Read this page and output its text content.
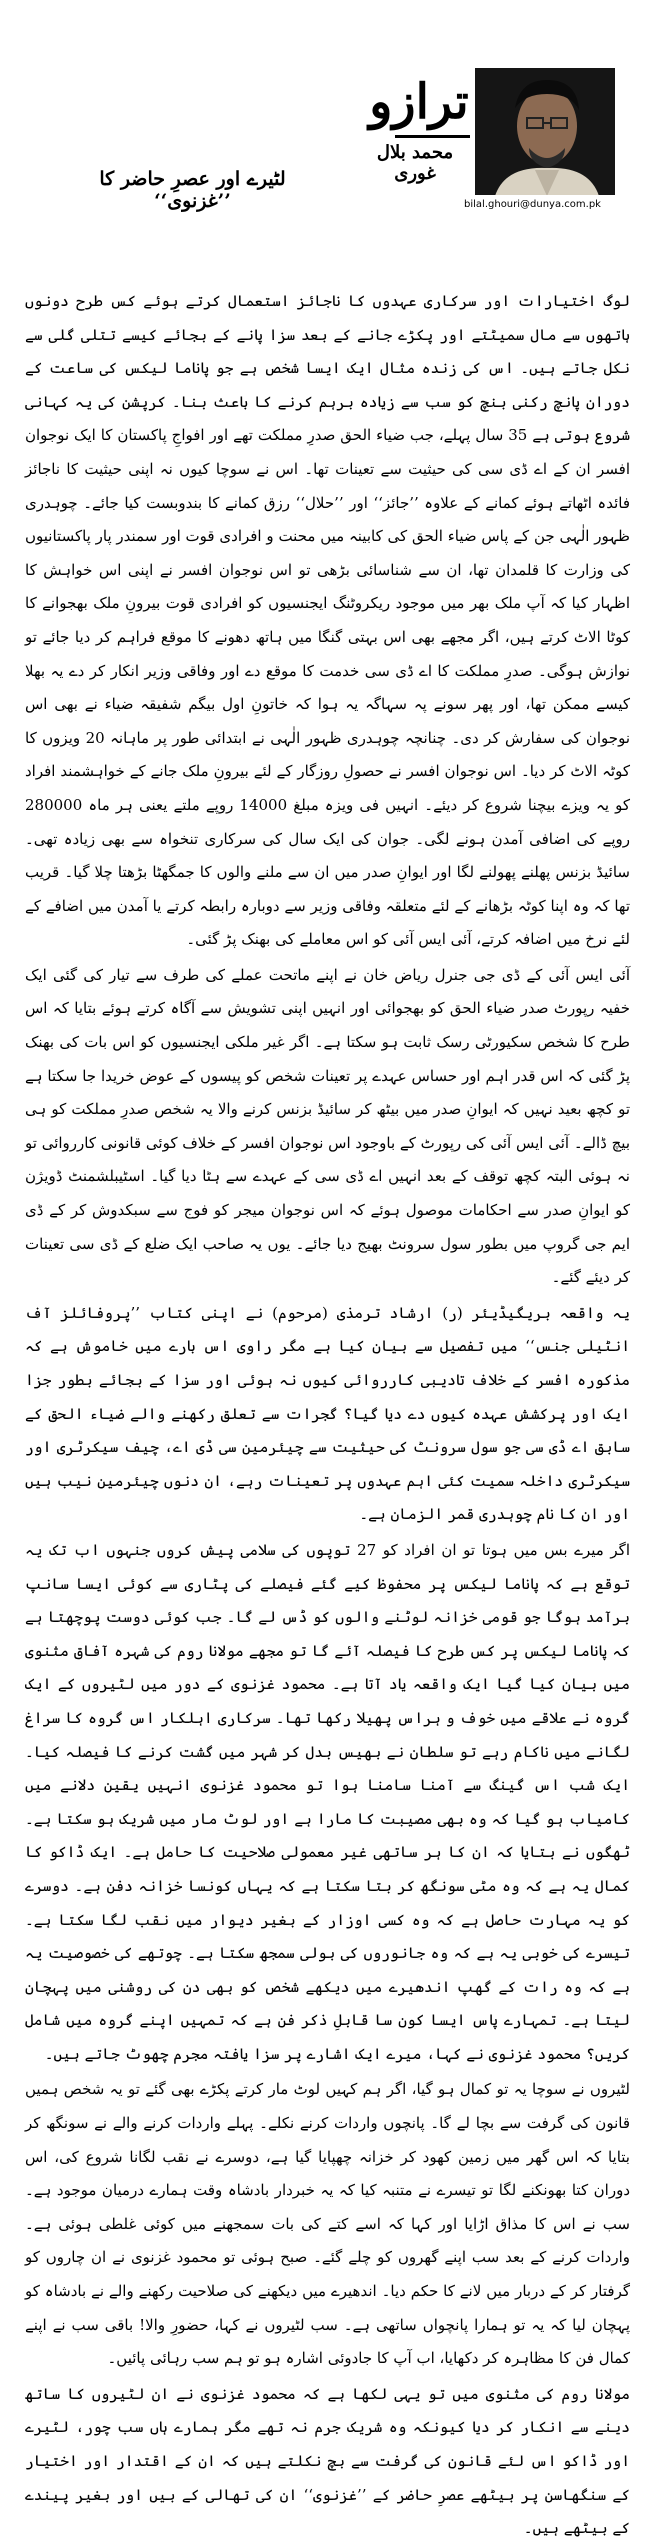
bilal.ghouri@dunya.com.pk
ترازو
محمد بلال غوری
لٹیرے اور عصرِ حاضر کا ’’غزنوی‘‘

لوگ اختیارات اور سرکاری عہدوں کا ناجائز استعمال کرتے ہوئے کس طرح دونوں ہاتھوں سے مال سمیٹتے اور پکڑے جانے کے بعد سزا پانے کے بجائے کیسے تتلی گلی سے نکل جاتے ہیں۔ اس کی زندہ مثال ایک ایسا شخص ہے جو پاناما لیکس کی ساعت کے دوران پانچ رکنی بنچ کو سب سے زیادہ برہم کرنے کا باعث بنا۔ کرپشن کی یہ کہانی شروع ہوتی ہے 35 سال پہلے، جب ضیاء الحق صدرِ مملکت تھے اور افواجِ پاکستان کا ایک نوجوان افسر ان کے اے ڈی سی کی حیثیت سے تعینات تھا۔ اس نے سوچا کیوں نہ اپنی حیثیت کا ناجائز فائدہ اٹھاتے ہوئے کمانے کے علاوہ ’’جائز‘‘ اور ’’حلال‘‘ رزق کمانے کا بندوبست کیا جائے۔ چوہدری ظہور الٰہی جن کے پاس ضیاء الحق کی کابینہ میں محنت و افرادی قوت اور سمندر پار پاکستانیوں کی وزارت کا قلمدان تھا، ان سے شناسائی بڑھی تو اس نوجوان افسر نے اپنی اس خواہش کا اظہار کیا کہ آپ ملک بھر میں موجود ریکروٹنگ ایجنسیوں کو افرادی قوت بیرونِ ملک بھجوانے کا کوٹا الاٹ کرتے ہیں، اگر مجھے بھی اس بہتی گنگا میں ہاتھ دھونے کا موقع فراہم کر دیا جائے تو نوازش ہوگی۔ صدرِ مملکت کا اے ڈی سی خدمت کا موقع دے اور وفاقی وزیر انکار کر دے یہ بھلا کیسے ممکن تھا، اور پھر سونے پہ سہاگہ یہ ہوا کہ خاتونِ اول بیگم شفیقہ ضیاء نے بھی اس نوجوان کی سفارش کر دی۔ چنانچہ چوہدری ظہور الٰہی نے ابتدائی طور پر ماہانہ 20 ویزوں کا کوٹہ الاٹ کر دیا۔ اس نوجوان افسر نے حصولِ روزگار کے لئے بیرونِ ملک جانے کے خواہشمند افراد کو یہ ویزے بیچنا شروع کر دیئے۔ انہیں فی ویزہ مبلغ 14000 روپے ملتے یعنی ہر ماہ 280000 روپے کی اضافی آمدن ہونے لگی۔ جوان کی ایک سال کی سرکاری تنخواہ سے بھی زیادہ تھی۔ سائیڈ بزنس پھلنے پھولنے لگا اور ایوانِ صدر میں ان سے ملنے والوں کا جمگھٹا بڑھتا چلا گیا۔ قریب تھا کہ وہ اپنا کوٹہ بڑھانے کے لئے متعلقہ وفاقی وزیر سے دوبارہ رابطہ کرتے یا آمدن میں اضافے کے لئے نرخ میں اضافہ کرتے، آئی ایس آئی کو اس معاملے کی بھنک پڑ گئی۔

آئی ایس آئی کے ڈی جی جنرل ریاض خان نے اپنے ماتحت عملے کی طرف سے تیار کی گئی ایک خفیہ رپورٹ صدر ضیاء الحق کو بھجوائی اور انہیں اپنی تشویش سے آگاہ کرتے ہوئے بتایا کہ اس طرح کا شخص سکیورٹی رسک ثابت ہو سکتا ہے۔ اگر غیر ملکی ایجنسیوں کو اس بات کی بھنک پڑ گئی کہ اس قدر اہم اور حساس عہدے پر تعینات شخص کو پیسوں کے عوض خریدا جا سکتا ہے تو کچھ بعید نہیں کہ ایوانِ صدر میں بیٹھ کر سائیڈ بزنس کرنے والا یہ شخص صدرِ مملکت کو ہی بیچ ڈالے۔ آئی ایس آئی کی رپورٹ کے باوجود اس نوجوان افسر کے خلاف کوئی قانونی کارروائی تو نہ ہوئی البتہ کچھ توقف کے بعد انہیں اے ڈی سی کے عہدے سے ہٹا دیا گیا۔ اسٹیبلشمنٹ ڈویژن کو ایوانِ صدر سے احکامات موصول ہوئے کہ اس نوجوان میجر کو فوج سے سبکدوش کر کے ڈی ایم جی گروپ میں بطور سول سرونٹ بھیج دیا جائے۔ یوں یہ صاحب ایک ضلع کے ڈی سی تعینات کر دیئے گئے۔

یہ واقعہ بریگیڈیئر (ر) ارشاد ترمذی (مرحوم) نے اپنی کتاب ’’پروفائلز آف انٹیلی جنس‘‘ میں تفصیل سے بیان کیا ہے مگر راوی اس بارے میں خاموش ہے کہ مذکورہ افسر کے خلاف تادیبی کارروائی کیوں نہ ہوئی اور سزا کے بجائے بطور جزا ایک اور پرکشش عہدہ کیوں دے دیا گیا؟ گجرات سے تعلق رکھنے والے ضیاء الحق کے سابق اے ڈی سی جو سول سرونٹ کی حیثیت سے چیئرمین سی ڈی اے، چیف سیکرٹری اور سیکرٹری داخلہ سمیت کئی اہم عہدوں پر تعینات رہے، ان دنوں چیئرمین نیب ہیں اور ان کا نام چوہدری قمر الزمان ہے۔

اگر میرے بس میں ہوتا تو ان افراد کو 27 توپوں کی سلامی پیش کروں جنہوں اب تک یہ توقع ہے کہ پاناما لیکس پر محفوظ کیے گئے فیصلے کی پٹاری سے کوئی ایسا سانپ برآمد ہوگا جو قومی خزانہ لوٹنے والوں کو ڈس لے گا۔ جب کوئی دوست پوچھتا ہے کہ پاناما لیکس پر کس طرح کا فیصلہ آئے گا تو مجھے مولانا روم کی شہرہ آفاق مثنوی میں بیان کیا گیا ایک واقعہ یاد آتا ہے۔ محمود غزنوی کے دور میں لٹیروں کے ایک گروہ نے علاقے میں خوف و ہراس پھیلا رکھا تھا۔ سرکاری اہلکار اس گروہ کا سراغ لگانے میں ناکام رہے تو سلطان نے بھیس بدل کر شہر میں گشت کرنے کا فیصلہ کیا۔ ایک شب اس گینگ سے آمنا سامنا ہوا تو محمود غزنوی انہیں یقین دلانے میں کامیاب ہو گیا کہ وہ بھی مصیبت کا مارا ہے اور لوٹ مار میں شریک ہو سکتا ہے۔ ٹھگوں نے بتایا کہ ان کا ہر ساتھی غیر معمولی صلاحیت کا حامل ہے۔ ایک ڈاکو کا کمال یہ ہے کہ وہ مٹی سونگھ کر بتا سکتا ہے کہ یہاں کونسا خزانہ دفن ہے۔ دوسرے کو یہ مہارت حاصل ہے کہ وہ کسی اوزار کے بغیر دیوار میں نقب لگا سکتا ہے۔ تیسرے کی خوبی یہ ہے کہ وہ جانوروں کی بولی سمجھ سکتا ہے۔ چوتھے کی خصوصیت یہ ہے کہ وہ رات کے گھپ اندھیرے میں دیکھے شخص کو بھی دن کی روشنی میں پہچان لیتا ہے۔ تمہارے پاس ایسا کون سا قابلِ ذکر فن ہے کہ تمہیں اپنے گروہ میں شامل کریں؟ محمود غزنوی نے کہا، میرے ایک اشارے پر سزا یافتہ مجرم چھوٹ جاتے ہیں۔

لٹیروں نے سوچا یہ تو کمال ہو گیا، اگر ہم کہیں لوٹ مار کرتے پکڑے بھی گئے تو یہ شخص ہمیں قانون کی گرفت سے بچا لے گا۔ پانچوں واردات کرنے نکلے۔ پہلے واردات کرنے والے نے سونگھ کر بتایا کہ اس گھر میں زمین کھود کر خزانہ چھپایا گیا ہے، دوسرے نے نقب لگانا شروع کی، اس دوران کتا بھونکنے لگا تو تیسرے نے متنبہ کیا کہ یہ خبردار بادشاہ وقت ہمارے درمیان موجود ہے۔ سب نے اس کا مذاق اڑایا اور کہا کہ اسے کتے کی بات سمجھنے میں کوئی غلطی ہوئی ہے۔ واردات کرنے کے بعد سب اپنے گھروں کو چلے گئے۔ صبح ہوئی تو محمود غزنوی نے ان چاروں کو گرفتار کر کے دربار میں لانے کا حکم دیا۔ اندھیرے میں دیکھنے کی صلاحیت رکھنے والے نے بادشاہ کو پہچان لیا کہ یہ تو ہمارا پانچواں ساتھی ہے۔ سب لٹیروں نے کہا، حضورِ والا! باقی سب نے اپنے کمال فن کا مظاہرہ کر دکھایا، اب آپ کا جادوئی اشارہ ہو تو ہم سب رہائی پائیں۔

مولانا روم کی مثنوی میں تو یہی لکھا ہے کہ محمود غزنوی نے ان لٹیروں کا ساتھ دینے سے انکار کر دیا کیونکہ وہ شریک جرم نہ تھے مگر ہمارے ہاں سب چور، لٹیرے اور ڈاکو اس لئے قانون کی گرفت سے بچ نکلتے ہیں کہ ان کے اقتدار اور اختیار کے سنگھاسن پر بیٹھے عصرِ حاضر کے ’’غزنوی‘‘ ان کی تھالی کے بیں اور بغیر پیندے کے بیٹھے ہیں۔
